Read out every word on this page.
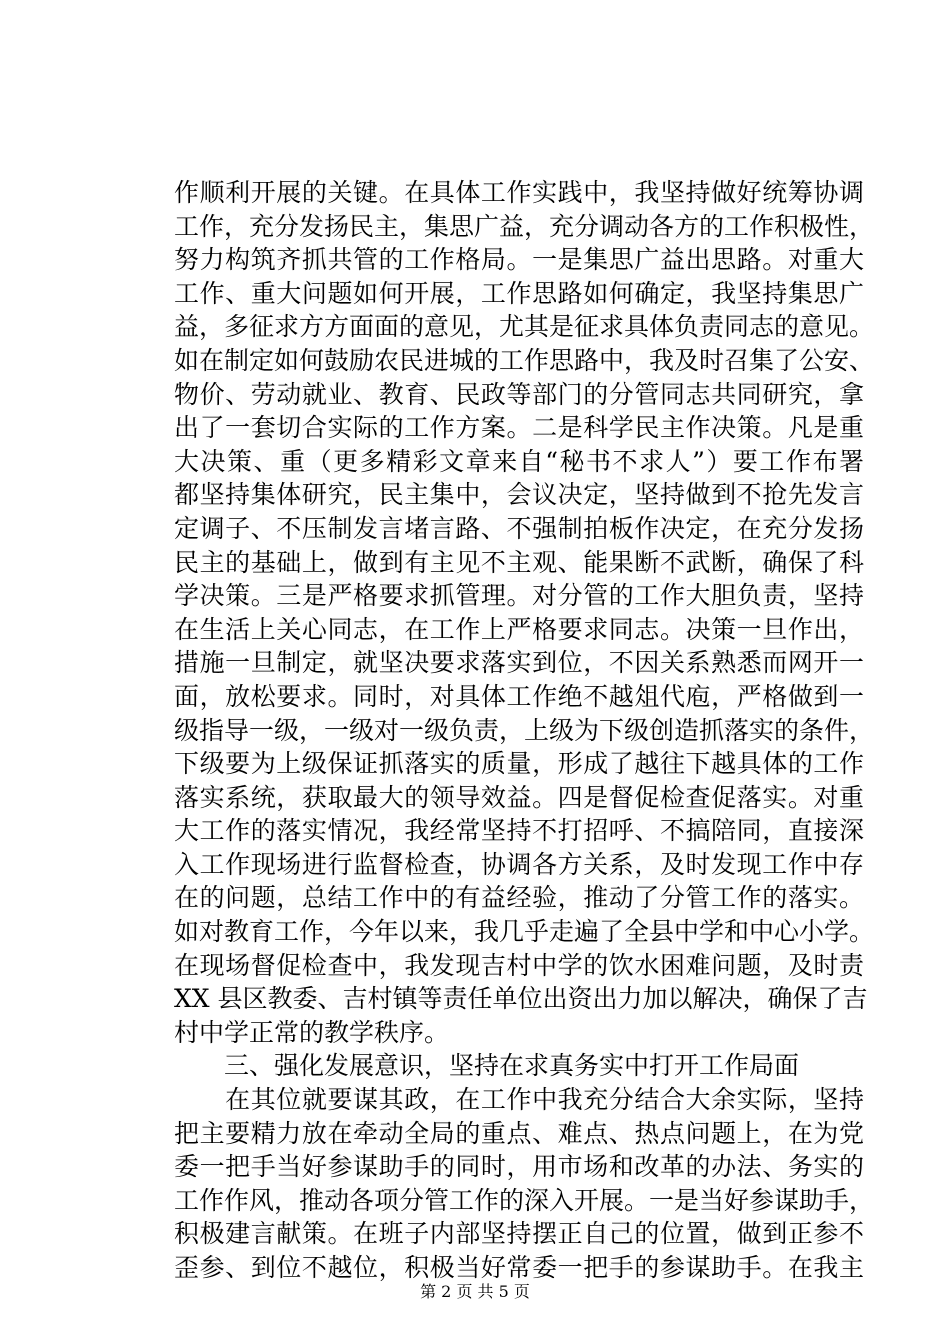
作顺利开展的关键。在具体工作实践中，我坚持做好统筹协调
工作，充分发扬民主，集思广益，充分调动各方的工作积极性，
努力构筑齐抓共管的工作格局。一是集思广益出思路。对重大
工作、重大问题如何开展，工作思路如何确定，我坚持集思广
益，多征求方方面面的意见，尤其是征求具体负责同志的意见。
如在制定如何鼓励农民进城的工作思路中，我及时召集了公安、
物价、劳动就业、教育、民政等部门的分管同志共同研究，拿
出了一套切合实际的工作方案。二是科学民主作决策。凡是重
大决策、重（更多精彩文章来自“秘书不求人”）要工作布署
都坚持集体研究，民主集中，会议决定，坚持做到不抢先发言
定调子、不压制发言堵言路、不强制拍板作决定，在充分发扬
民主的基础上，做到有主见不主观、能果断不武断，确保了科
学决策。三是严格要求抓管理。对分管的工作大胆负责，坚持
在生活上关心同志，在工作上严格要求同志。决策一旦作出，
措施一旦制定，就坚决要求落实到位，不因关系熟悉而网开一
面，放松要求。同时，对具体工作绝不越俎代庖，严格做到一
级指导一级，一级对一级负责，上级为下级创造抓落实的条件，
下级要为上级保证抓落实的质量，形成了越往下越具体的工作
落实系统，获取最大的领导效益。四是督促检查促落实。对重
大工作的落实情况，我经常坚持不打招呼、不搞陪同，直接深
入工作现场进行监督检查，协调各方关系，及时发现工作中存
在的问题，总结工作中的有益经验，推动了分管工作的落实。
如对教育工作，今年以来，我几乎走遍了全县中学和中心小学。
在现场督促检查中，我发现吉村中学的饮水困难问题，及时责
XX 县区教委、吉村镇等责任单位出资出力加以解决，确保了吉
村中学正常的教学秩序。
　　三、强化发展意识，坚持在求真务实中打开工作局面
　　在其位就要谋其政，在工作中我充分结合大余实际，坚持
把主要精力放在牵动全局的重点、难点、热点问题上，在为党
委一把手当好参谋助手的同时，用市场和改革的办法、务实的
工作作风，推动各项分管工作的深入开展。一是当好参谋助手，
积极建言献策。在班子内部坚持摆正自己的位置，做到正参不
歪参、到位不越位，积极当好常委一把手的参谋助手。在我主
第 2 页 共 5 页
